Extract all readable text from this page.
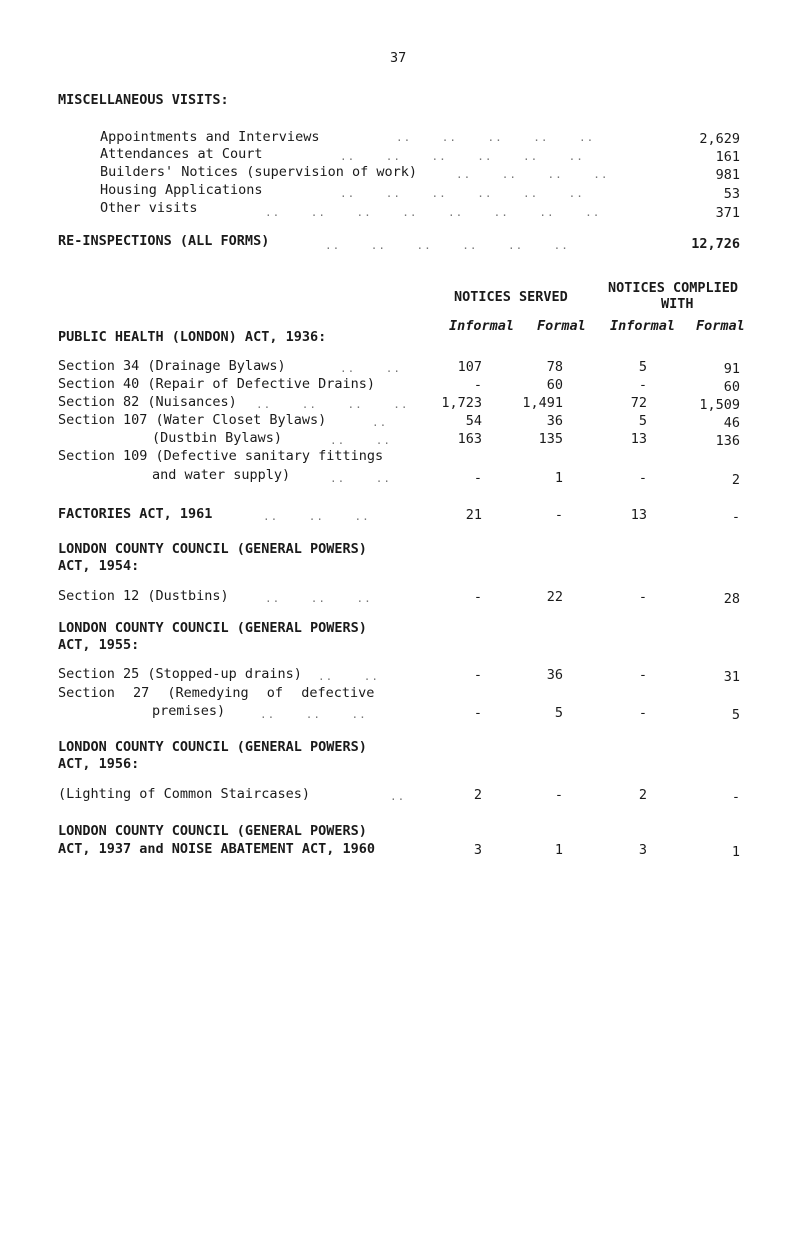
37
MISCELLANEOUS VISITS:
Appointments and Interviews	..    ..    ..    ..    ..	2,629
Attendances at Court	..    ..    ..    ..    ..    ..	161
Builders' Notices (supervision of work)	..    ..    ..    ..	981
Housing Applications	..    ..    ..    ..    ..    ..	53
Other visits	..    ..    ..    ..    ..    ..    ..    ..	371
RE-INSPECTIONS (ALL FORMS)	..    ..    ..    ..    ..    ..	12,726
NOTICES SERVED
NOTICES COMPLIED
WITH
Informal Formal Informal Formal
PUBLIC HEALTH (LONDON) ACT, 1936:
Section 34 (Drainage Bylaws)	..    ..	107	78	5	91
Section 40 (Repair of Defective Drains)	-	60	-	60
Section 82 (Nuisances) ..    ..    ..    .. 1,723	1,491	72	1,509
Section 107 (Water Closet Bylaws)	..	54	36	5	46
(Dustbin Bylaws)	..    ..	163	135	13	136
Section 109 (Defective sanitary fittings
and water supply)	..    ..	-	1	-	2
FACTORIES ACT, 1961	..    ..    ..	21	-	13	-
LONDON COUNTY COUNCIL (GENERAL POWERS)
ACT, 1954:
Section 12 (Dustbins)	..    ..    ..	-	22	-	28
LONDON COUNTY COUNCIL (GENERAL POWERS)
ACT, 1955:
Section 25 (Stopped-up drains) ..    ..	-	36	-	31
Section 27 (Remedying of defective
premises)	..    ..    ..	-	5	-	5
LONDON COUNTY COUNCIL (GENERAL POWERS)
ACT, 1956:
(Lighting of Common Staircases)	..	2	-	2	-
LONDON COUNTY COUNCIL (GENERAL POWERS)
ACT, 1937 and NOISE ABATEMENT ACT, 1960	3	1	3	1
